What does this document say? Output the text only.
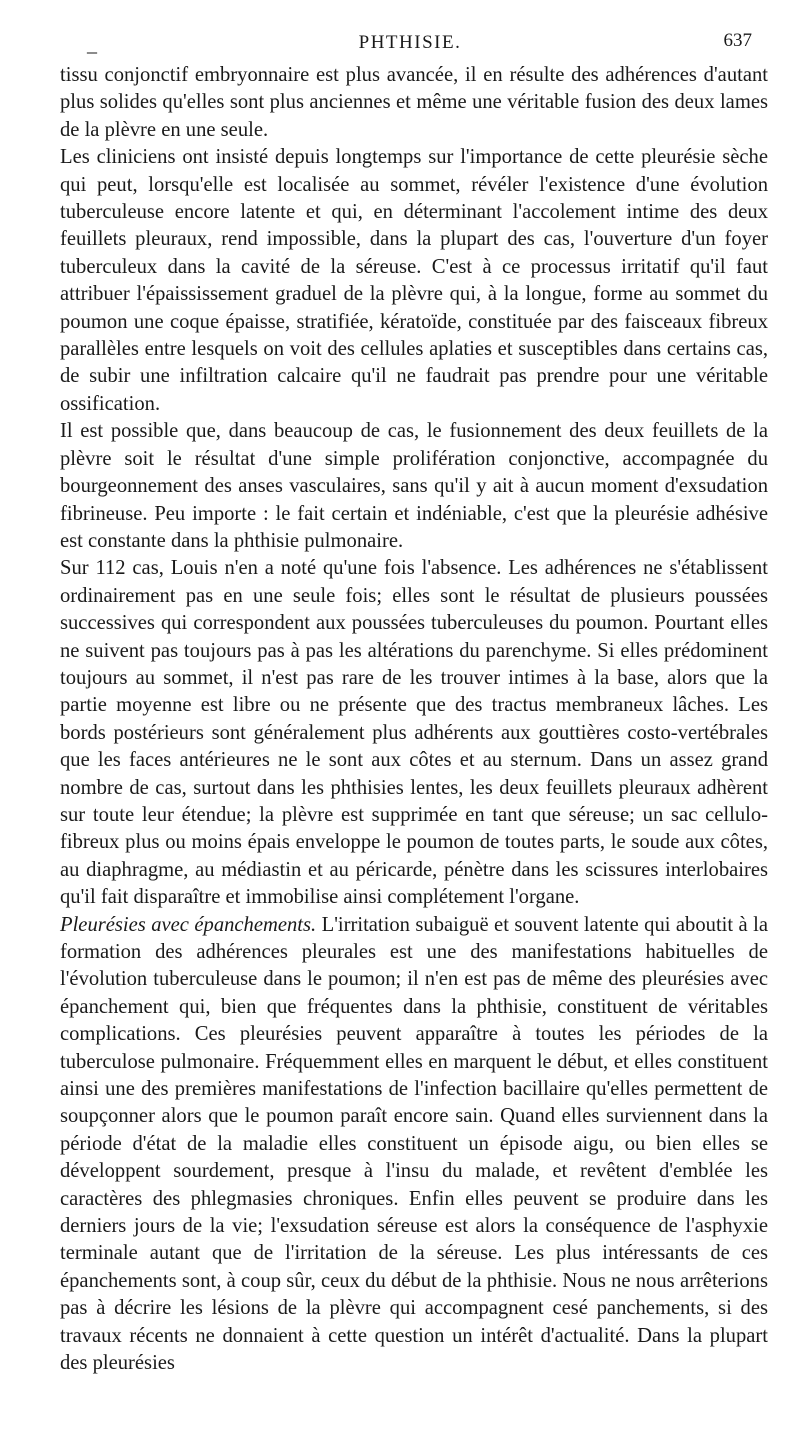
_	PHTHISIE.	637

tissu conjonctif embryonnaire est plus avancée, il en résulte des adhérences d'autant plus solides qu'elles sont plus anciennes et même une véritable fusion des deux lames de la plèvre en une seule.

Les cliniciens ont insisté depuis longtemps sur l'importance de cette pleurésie sèche qui peut, lorsqu'elle est localisée au sommet, révéler l'existence d'une évolution tuberculeuse encore latente et qui, en déterminant l'accolement intime des deux feuillets pleuraux, rend impossible, dans la plupart des cas, l'ouverture d'un foyer tuberculeux dans la cavité de la séreuse. C'est à ce processus irritatif qu'il faut attribuer l'épaississement graduel de la plèvre qui, à la longue, forme au sommet du poumon une coque épaisse, stratifiée, kératoïde, constituée par des faisceaux fibreux parallèles entre lesquels on voit des cellules aplaties et susceptibles dans certains cas, de subir une infiltration calcaire qu'il ne faudrait pas prendre pour une véritable ossification.

Il est possible que, dans beaucoup de cas, le fusionnement des deux feuillets de la plèvre soit le résultat d'une simple prolifération conjonctive, accompagnée du bourgeonnement des anses vasculaires, sans qu'il y ait à aucun moment d'exsudation fibrineuse. Peu importe : le fait certain et indéniable, c'est que la pleurésie adhésive est constante dans la phthisie pulmonaire.

Sur 112 cas, Louis n'en a noté qu'une fois l'absence. Les adhérences ne s'établissent ordinairement pas en une seule fois; elles sont le résultat de plusieurs poussées successives qui correspondent aux poussées tuberculeuses du poumon. Pourtant elles ne suivent pas toujours pas à pas les altérations du parenchyme. Si elles prédominent toujours au sommet, il n'est pas rare de les trouver intimes à la base, alors que la partie moyenne est libre ou ne présente que des tractus membraneux lâches. Les bords postérieurs sont généralement plus adhérents aux gouttières costo-vertébrales que les faces antérieures ne le sont aux côtes et au sternum. Dans un assez grand nombre de cas, surtout dans les phthisies lentes, les deux feuillets pleuraux adhèrent sur toute leur étendue; la plèvre est supprimée en tant que séreuse; un sac cellulo-fibreux plus ou moins épais enveloppe le poumon de toutes parts, le soude aux côtes, au diaphragme, au médiastin et au péricarde, pénètre dans les scissures interlobaires qu'il fait disparaître et immobilise ainsi complétement l'organe.

Pleurésies avec épanchements. L'irritation subaiguë et souvent latente qui aboutit à la formation des adhérences pleurales est une des manifestations habituelles de l'évolution tuberculeuse dans le poumon; il n'en est pas de même des pleurésies avec épanchement qui, bien que fréquentes dans la phthisie, constituent de véritables complications. Ces pleurésies peuvent apparaître à toutes les périodes de la tuberculose pulmonaire. Fréquemment elles en marquent le début, et elles constituent ainsi une des premières manifestations de l'infection bacillaire qu'elles permettent de soupçonner alors que le poumon paraît encore sain. Quand elles surviennent dans la période d'état de la maladie elles constituent un épisode aigu, ou bien elles se développent sourdement, presque à l'insu du malade, et revêtent d'emblée les caractères des phlegmasies chroniques. Enfin elles peuvent se produire dans les derniers jours de la vie; l'exsudation séreuse est alors la conséquence de l'asphyxie terminale autant que de l'irritation de la séreuse. Les plus intéressants de ces épanchements sont, à coup sûr, ceux du début de la phthisie. Nous ne nous arrêterions pas à décrire les lésions de la plèvre qui accompagnent cesé panchements, si des travaux récents ne donnaient à cette question un intérêt d'actualité. Dans la plupart des pleurésies
